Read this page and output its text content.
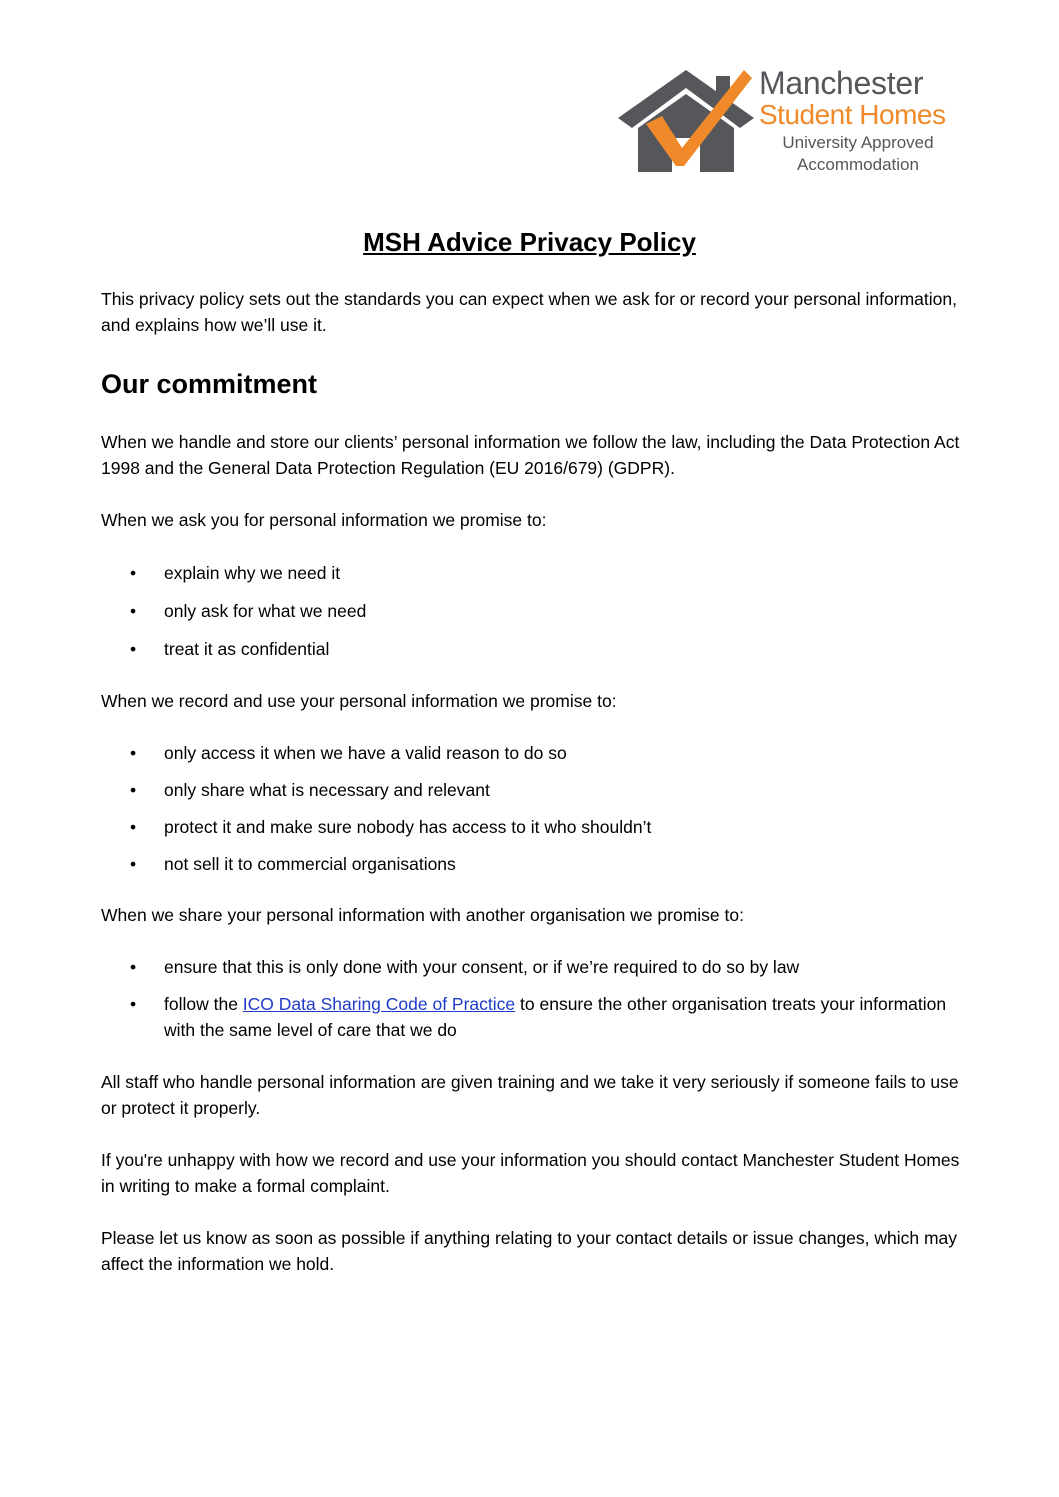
Manchester
Student Homes
University Approved
Accommodation
MSH Advice Privacy Policy

This privacy policy sets out the standards you can expect when we ask for or record your personal information, and explains how we’ll use it.

Our commitment

When we handle and store our clients’ personal information we follow the law, including the Data Protection Act 1998 and the General Data Protection Regulation (EU 2016/679) (GDPR).

When we ask you for personal information we promise to:

• explain why we need it
• only ask for what we need
• treat it as confidential

When we record and use your personal information we promise to:

• only access it when we have a valid reason to do so
• only share what is necessary and relevant
• protect it and make sure nobody has access to it who shouldn’t
• not sell it to commercial organisations

When we share your personal information with another organisation we promise to:

• ensure that this is only done with your consent, or if we’re required to do so by law
• follow the ICO Data Sharing Code of Practice to ensure the other organisation treats your information with the same level of care that we do

All staff who handle personal information are given training and we take it very seriously if someone fails to use or protect it properly.

If you're unhappy with how we record and use your information you should contact Manchester Student Homes in writing to make a formal complaint.

Please let us know as soon as possible if anything relating to your contact details or issue changes, which may affect the information we hold.
